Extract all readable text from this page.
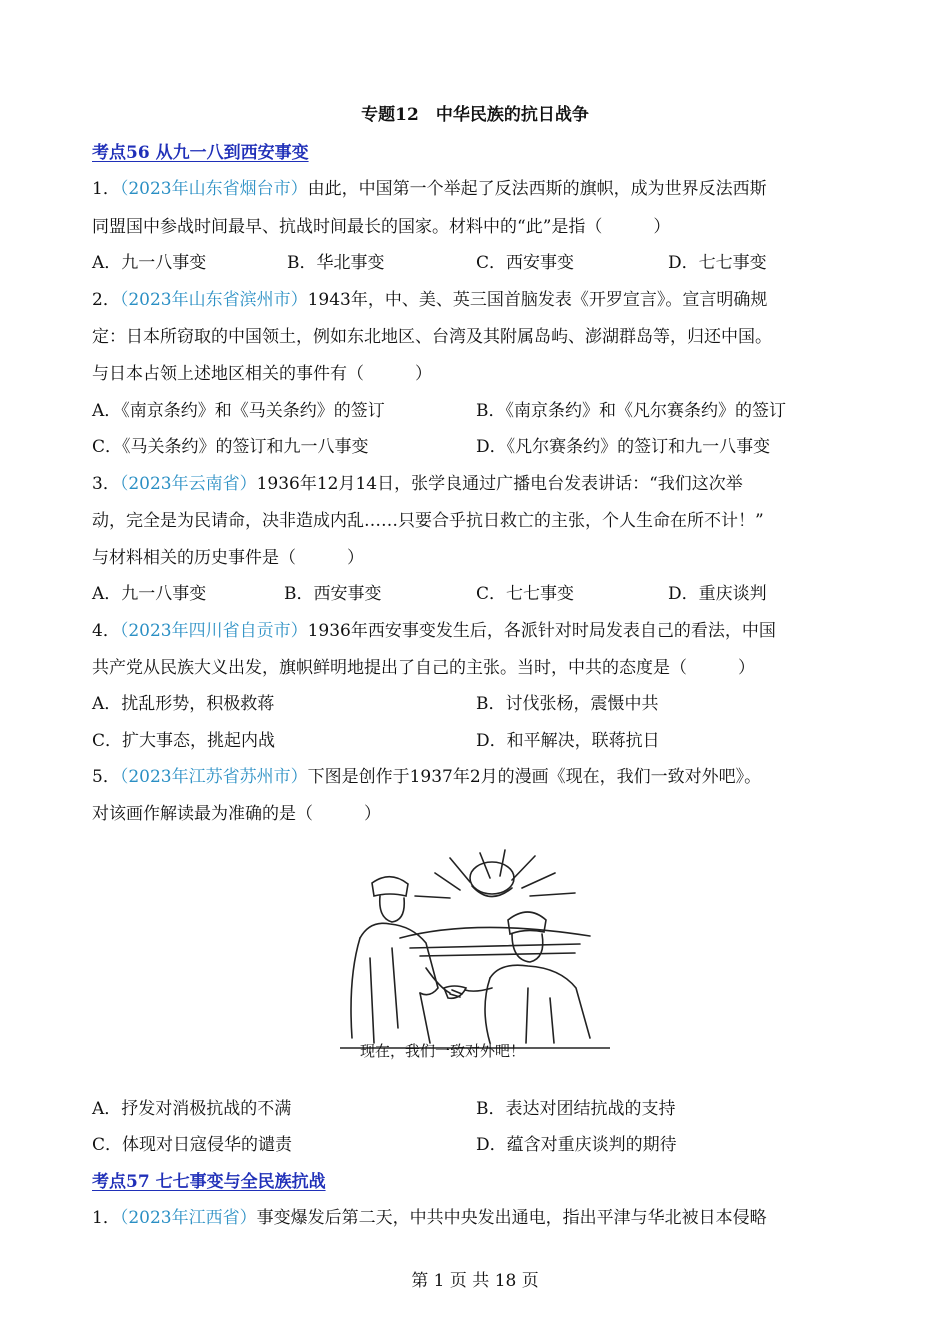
专题12　中华民族的抗日战争
考点56 从九一八到西安事变
1．（2023年山东省烟台市）由此，中国第一个举起了反法西斯的旗帜，成为世界反法西斯
同盟国中参战时间最早、抗战时间最长的国家。材料中的“此”是指（　　　）
A．九一八事变	B．华北事变	C．西安事变	D．七七事变
2．（2023年山东省滨州市）1943年，中、美、英三国首脑发表《开罗宣言》。宣言明确规
定：日本所窃取的中国领土，例如东北地区、台湾及其附属岛屿、澎湖群岛等，归还中国。
与日本占领上述地区相关的事件有（　　　）
A．《南京条约》和《马关条约》的签订	B．《南京条约》和《凡尔赛条约》的签订
C．《马关条约》的签订和九一八事变	D．《凡尔赛条约》的签订和九一八事变
3．（2023年云南省）1936年12月14日，张学良通过广播电台发表讲话：“我们这次举
动，完全是为民请命，决非造成内乱……只要合乎抗日救亡的主张，个人生命在所不计！”
与材料相关的历史事件是（　　　）
A．九一八事变	B．西安事变	C．七七事变	D．重庆谈判
4．（2023年四川省自贡市）1936年西安事变发生后，各派针对时局发表自己的看法，中国
共产党从民族大义出发，旗帜鲜明地提出了自己的主张。当时，中共的态度是（　　　）
A．扰乱形势，积极救蒋	B．讨伐张杨，震慑中共
C．扩大事态，挑起内战	D．和平解决，联蒋抗日
5．（2023年江苏省苏州市）下图是创作于1937年2月的漫画《现在，我们一致对外吧》。
对该画作解读最为准确的是（　　　）
现在，我们一致对外吧！
A．抒发对消极抗战的不满	B．表达对团结抗战的支持
C．体现对日寇侵华的谴责	D．蕴含对重庆谈判的期待
考点57 七七事变与全民族抗战
1．（2023年江西省）事变爆发后第二天，中共中央发出通电，指出平津与华北被日本侵略
第 1 页 共 18 页
